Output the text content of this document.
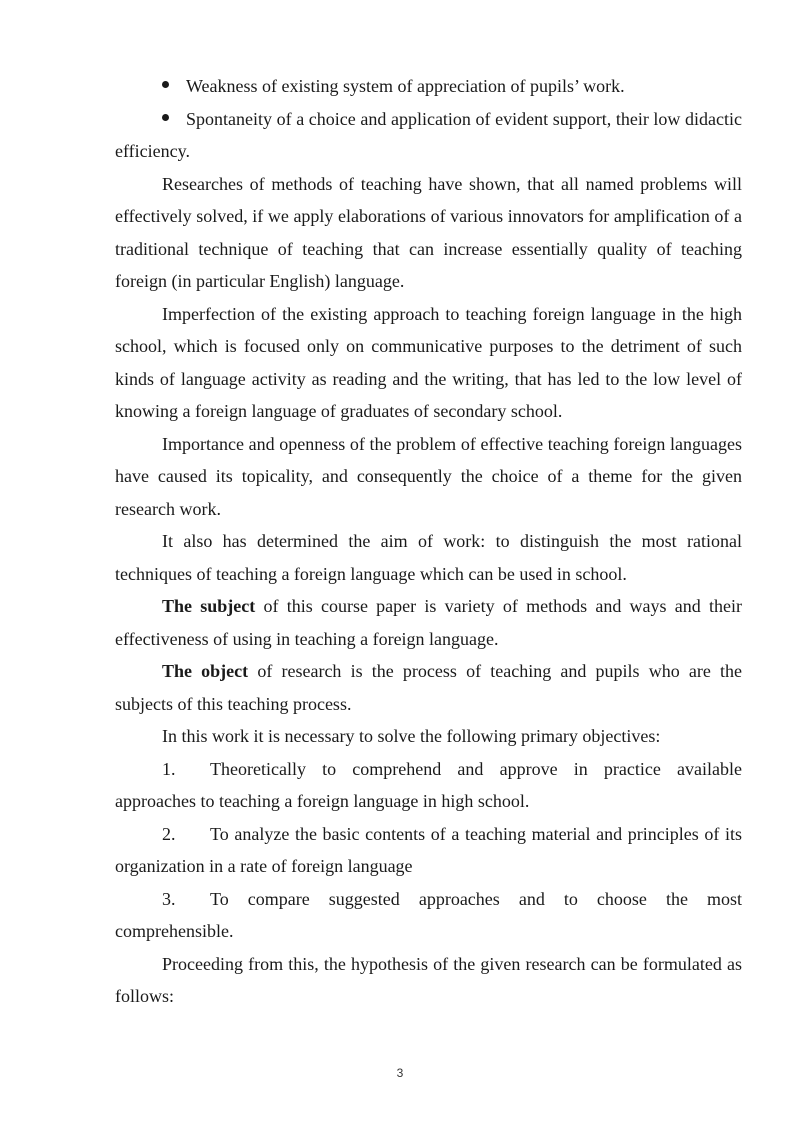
Weakness of existing system of appreciation of pupils’ work.

Spontaneity of a choice and application of evident support, their low didactic efficiency.

Researches of methods of teaching have shown, that all named problems will effectively solved, if we apply elaborations of various innovators for amplification of a traditional technique of teaching that can increase essentially quality of teaching foreign (in particular English) language.

Imperfection of the existing approach to teaching foreign language in the high school, which is focused only on communicative purposes to the detriment of such kinds of language activity as reading and the writing, that has led to the low level of knowing a foreign language of graduates of secondary school.

Importance and openness of the problem of effective teaching foreign languages have caused its topicality, and consequently the choice of a theme for the given research work.

It also has determined the aim of work: to distinguish the most rational techniques of teaching a foreign language which can be used in school.

The subject of this course paper is variety of methods and ways and their effectiveness of using in teaching a foreign language.

The object of research is the process of teaching and pupils who are the subjects of this teaching process.

In this work it is necessary to solve the following primary objectives:

1. Theoretically to comprehend and approve in practice available approaches to teaching a foreign language in high school.

2. To analyze the basic contents of a teaching material and principles of its organization in a rate of foreign language

3. To compare suggested approaches and to choose the most comprehensible.

Proceeding from this, the hypothesis of the given research can be formulated as follows:

3
